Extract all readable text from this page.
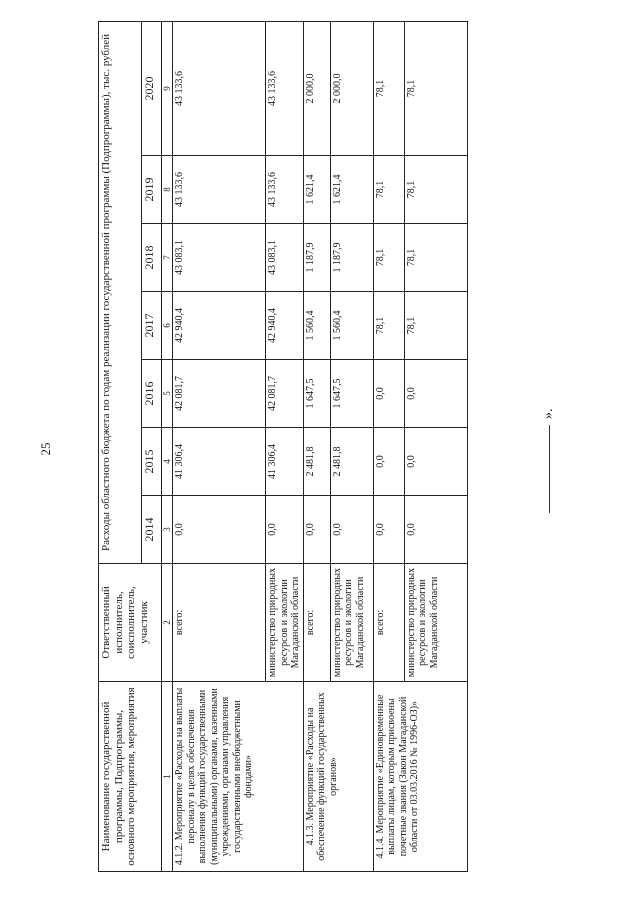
25
Наименование государственной программы, Подпрограммы, основного мероприятия, мероприятия	Ответственный исполнитель, соисполнитель, участник	Расходы областного бюджета по годам реализации государственной программы (Подпрограммы), тыс. рублей						
		2014	2015	2016	2017	2018	2019	2020
1	2	3	4	5	6	7	8	9
4.1.2. Мероприятие «Расходы на выплаты персоналу в целях обеспечения выполнения функций государственными (муниципальными) органами, казенными учреждениями, органами управления государственными внебюджетными фондами»	всего:	0,0	41 306,4	42 081,7	42 940,4	43 083,1	43 133,6	43 133,6
	министерство природных ресурсов и экологии Магаданской области	0,0	41 306,4	42 081,7	42 940,4	43 083,1	43 133,6	43 133,6
4.1.3. Мероприятие «Расходы на обеспечение функций государственных органов»	всего:	0,0	2 481,8	1 647,5	1 560,4	1 187,9	1 621,4	2 000,0
	министерство природных ресурсов и экологии Магаданской области	0,0	2 481,8	1 647,5	1 560,4	1 187,9	1 621,4	2 000,0
4.1.4. Мероприятие «Единовременные выплаты лицам, которым присвоены почетные звания (Закон Магаданской области от 03.03.2016 № 1996-ОЗ)»	всего:	0,0	0,0	0,0	78,1	78,1	78,1	78,1
	министерство природных ресурсов и экологии Магаданской области	0,0	0,0	0,0	78,1	78,1	78,1	78,1
».
